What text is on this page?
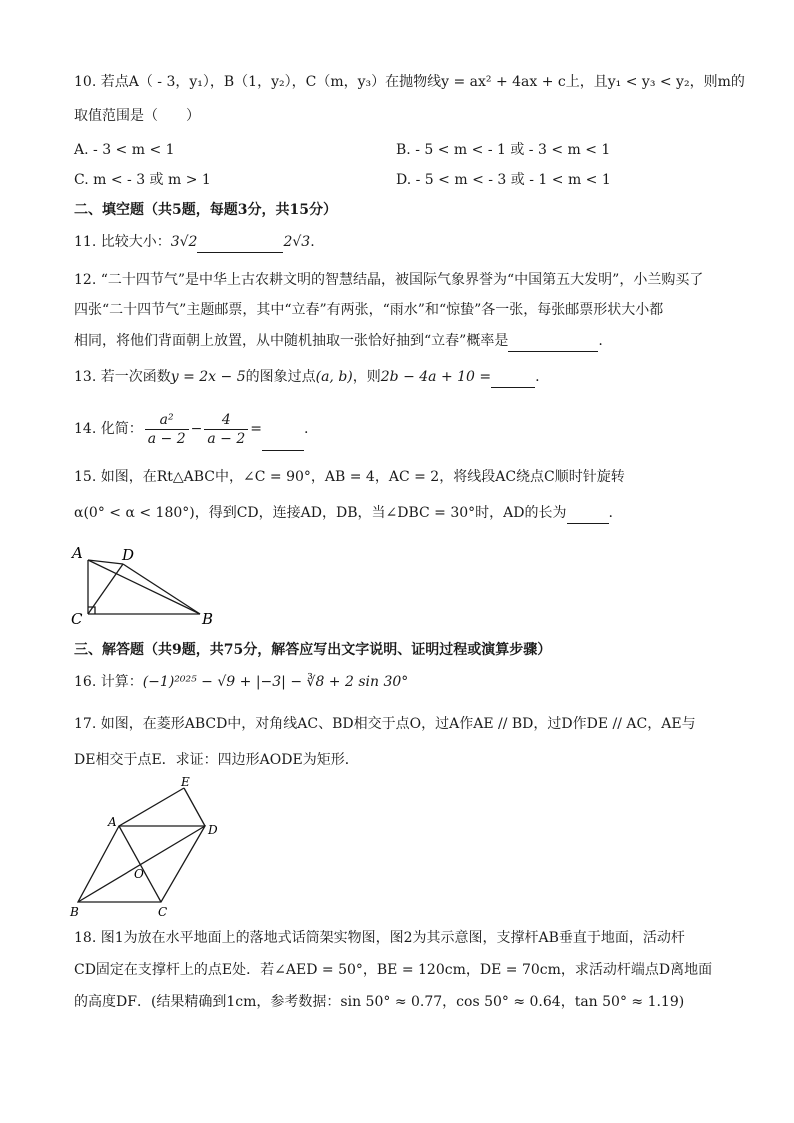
10. 若点A（ - 3，y₁），B（1，y₂），C（m，y₃）在抛物线y = ax² + 4ax + c上，且y₁ < y₃ < y₂，则m的
取值范围是（　　）
A. - 3 < m < 1	B. - 5 < m < - 1 或 - 3 < m < 1
C. m < - 3 或 m > 1	D. - 5 < m < - 3 或 - 1 < m < 1
二、填空题（共5题，每题3分，共15分）
11. 比较大小：3√2	2√3.
12. “二十四节气”是中华上古农耕文明的智慧结晶，被国际气象界誉为“中国第五大发明”，小兰购买了
四张“二十四节气”主题邮票，其中“立春”有两张，“雨水”和“惊蛰”各一张，每张邮票形状大小都
相同，将他们背面朝上放置，从中随机抽取一张恰好抽到“立春”概率是	.
13. 若一次函数y = 2x − 5的图象过点(a, b)，则2b − 4a + 10 =	.
14. 化简： $\frac{\text{a²}}{a - 2} - \frac{4}{a - 2}$ =	.
15. 如图，在Rt△ABC中，∠C = 90°，AB = 4，AC = 2，将线段AC绕点C顺时针旋转
α(0° < α < 180°)，得到CD，连接AD，DB，当∠DBC = 30°时，AD的长为	.
A	D
C	B
三、解答题（共9题，共75分，解答应写出文字说明、证明过程或演算步骤）
16. 计算：(−1)²⁰²⁵ − √9 + |−3| − ∛8 + 2 sin 30°
17. 如图，在菱形ABCD中，对角线AC、BD相交于点O，过A作AE // BD，过D作DE // AC，AE与
DE相交于点E．求证：四边形AODE为矩形．
A
E
D
O
B	C
18. 图1为放在水平地面上的落地式话筒架实物图，图2为其示意图，支撑杆AB垂直于地面，活动杆
CD固定在支撑杆上的点E处．若∠AED = 50°，BE = 120cm，DE = 70cm，求活动杆端点D离地面
的高度DF．(结果精确到1cm，参考数据：sin 50° ≈ 0.77，cos 50° ≈ 0.64，tan 50° ≈ 1.19)
